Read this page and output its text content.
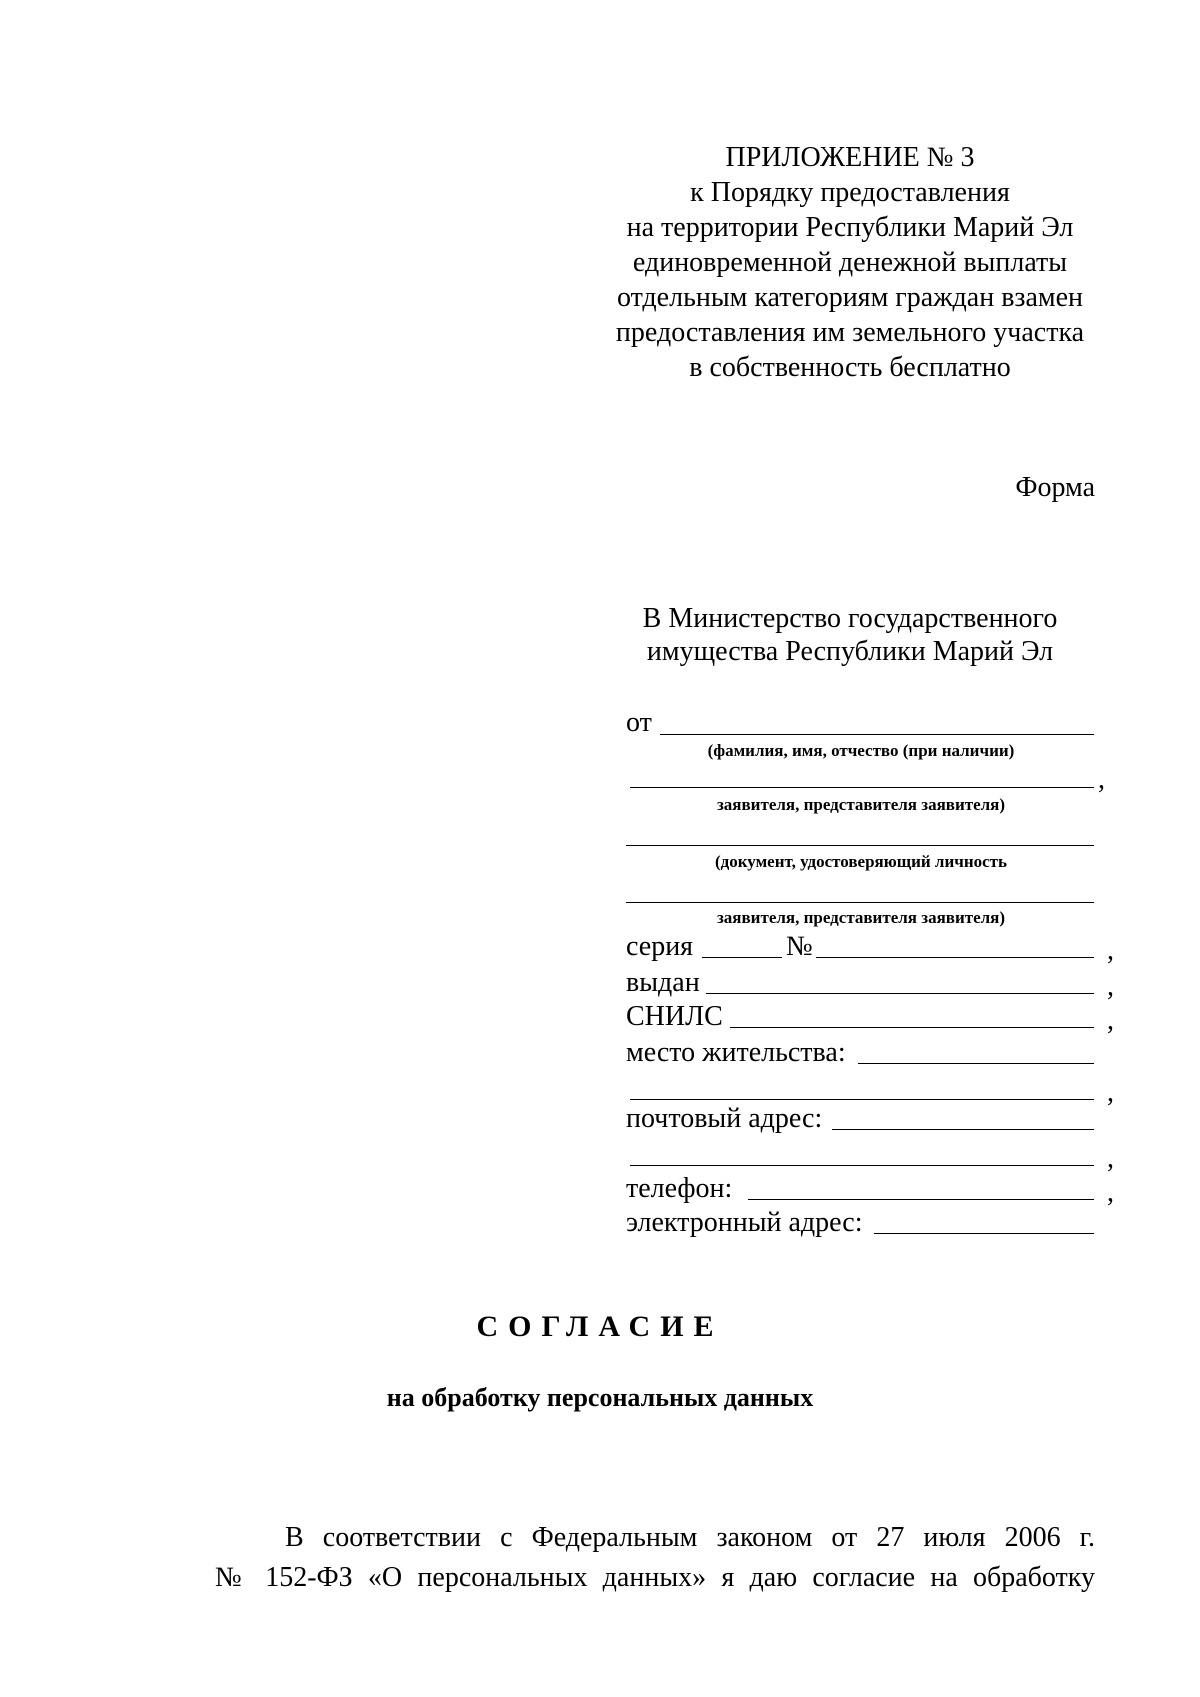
ПРИЛОЖЕНИЕ № 3
к Порядку предоставления
на территории Республики Марий Эл
единовременной денежной выплаты
отдельным категориям граждан взамен
предоставления им земельного участка
в собственность бесплатно
Форма
В Министерство государственного
имущества Республики Марий Эл
от
(фамилия, имя, отчество (при наличии)
,
заявителя, представителя заявителя)
(документ, удостоверяющий личность
заявителя, представителя заявителя)
серия	№	,
выдан	,
СНИЛС	,
место жительства:
,
почтовый адрес:
,
телефон:	,
электронный адрес:
СОГЛАСИЕ
на обработку персональных данных
В соответствии с Федеральным законом от 27 июля 2006 г.
№ 152-ФЗ «О персональных данных» я даю согласие на обработку
